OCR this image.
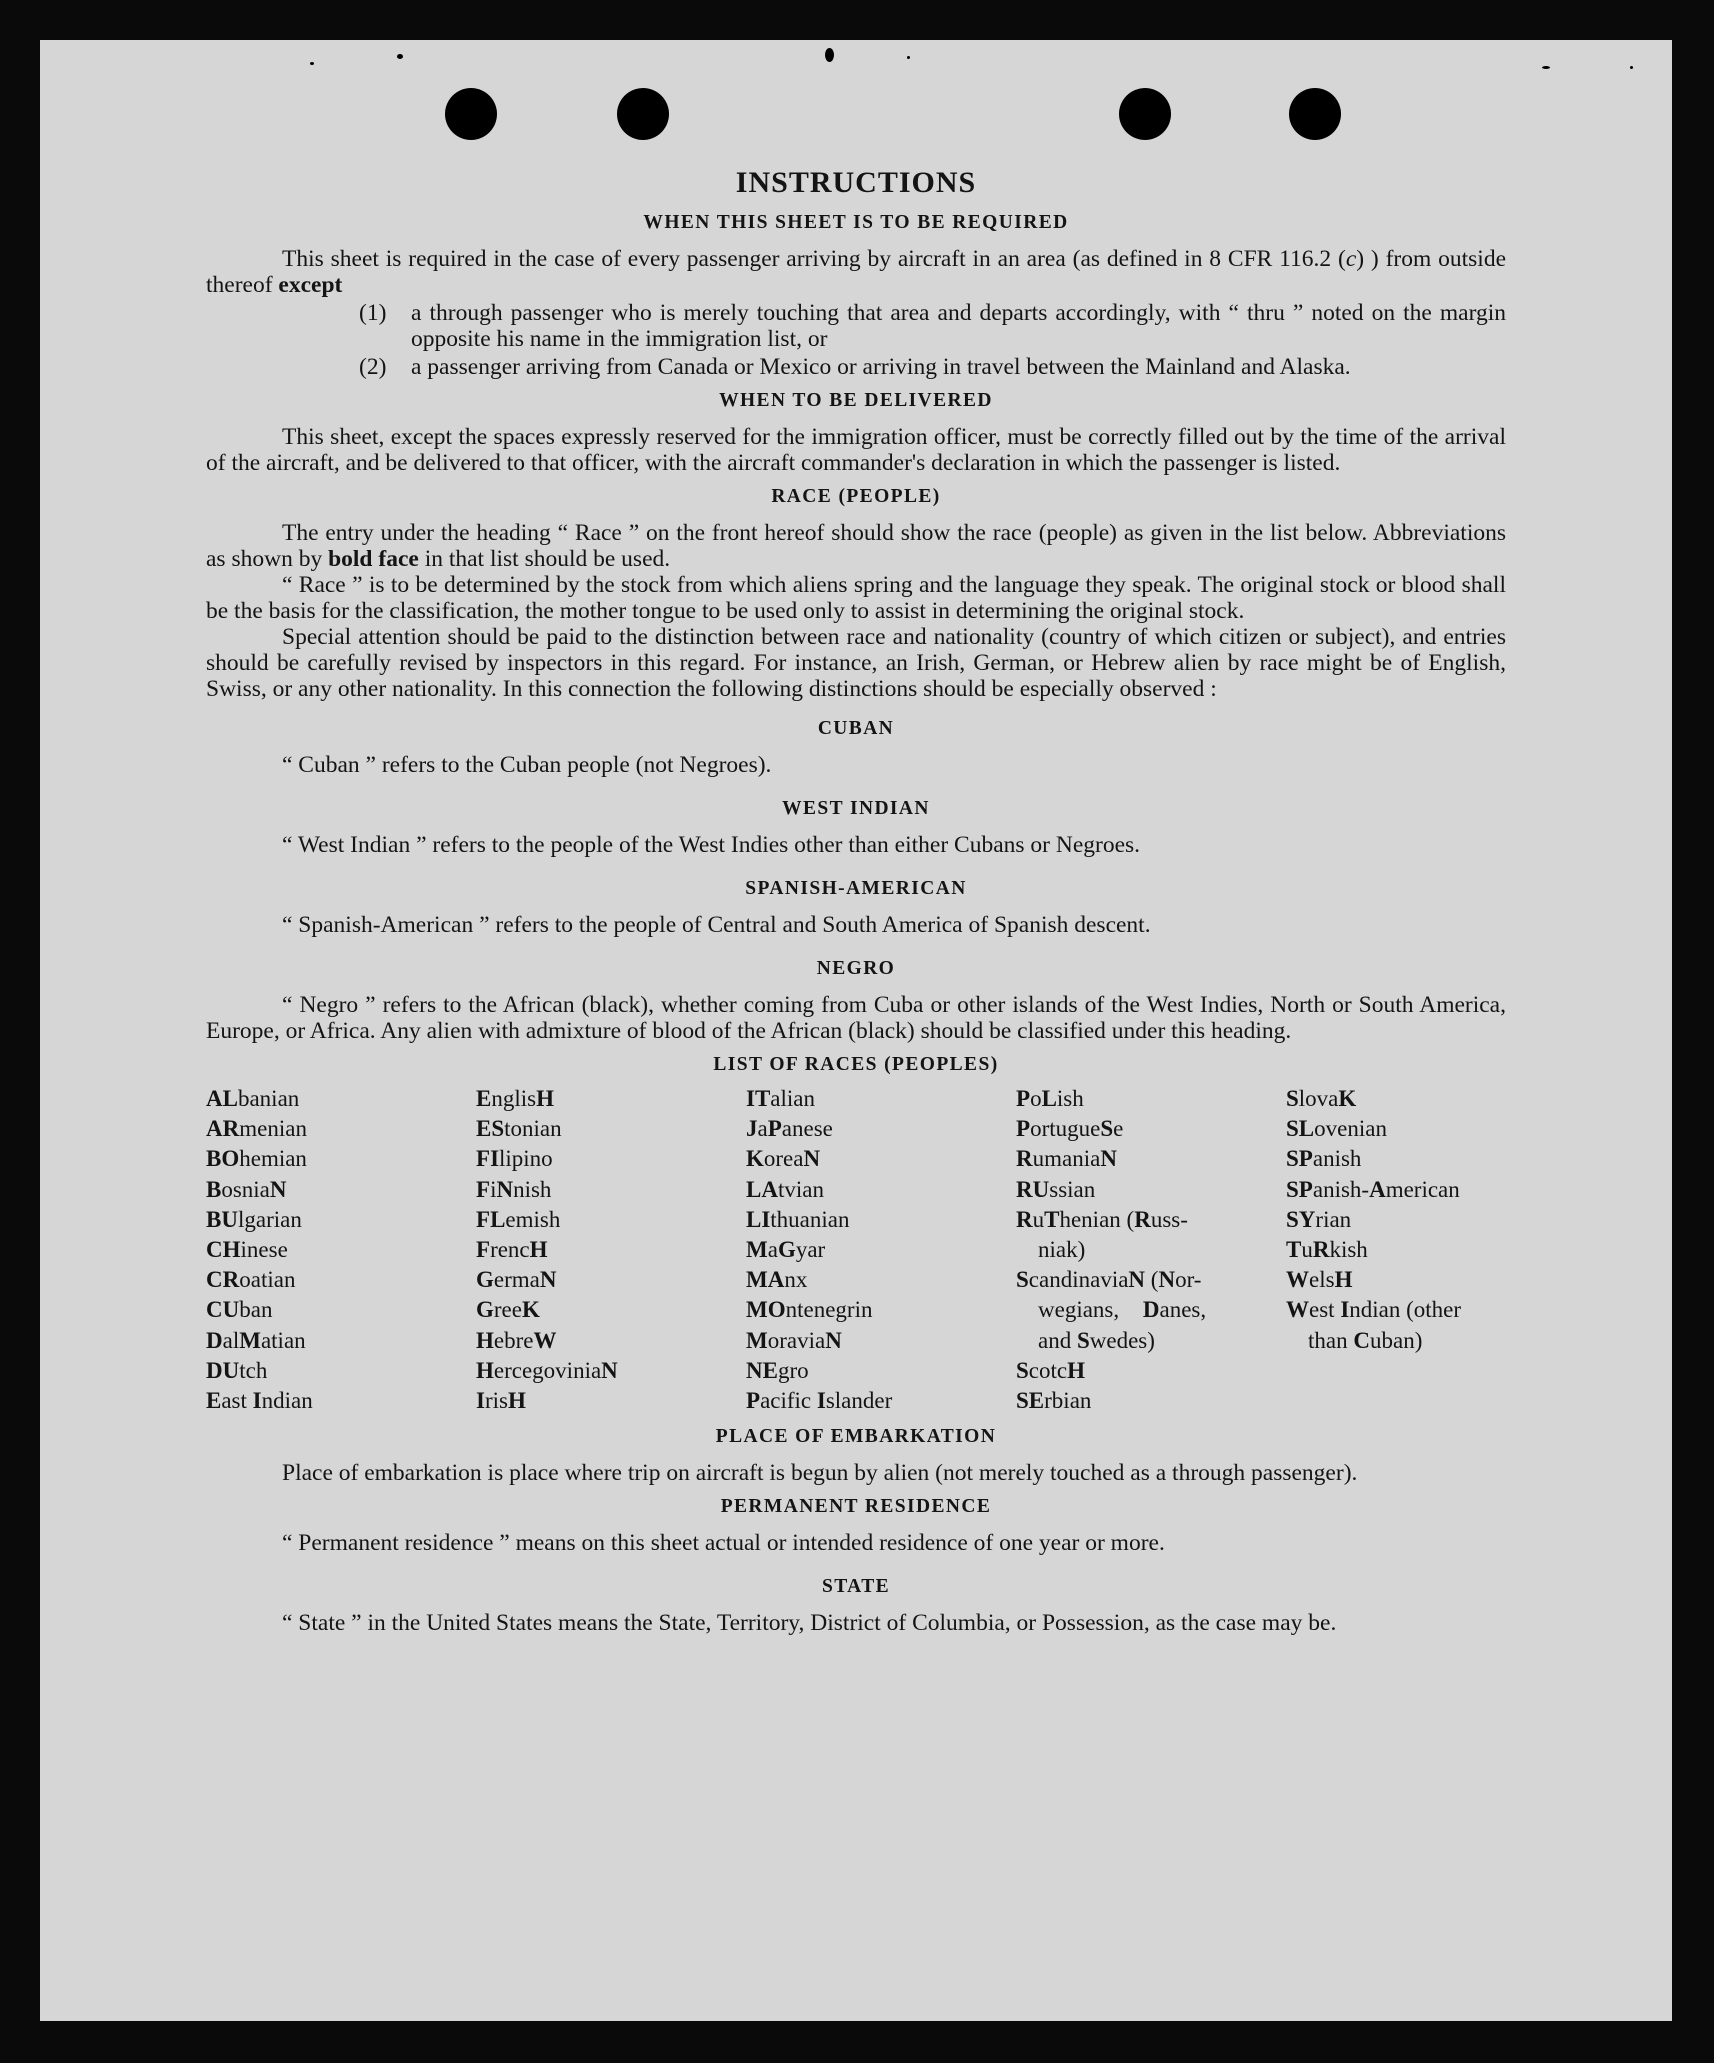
INSTRUCTIONS
WHEN THIS SHEET IS TO BE REQUIRED

This sheet is required in the case of every passenger arriving by aircraft in an area (as defined in 8 CFR 116.2 (c) ) from outside thereof except

(1)	a through passenger who is merely touching that area and departs accordingly, with “ thru ” noted on the margin opposite his name in the immigration list, or
(2)	a passenger arriving from Canada or Mexico or arriving in travel between the Mainland and Alaska.
WHEN TO BE DELIVERED

This sheet, except the spaces expressly reserved for the immigration officer, must be correctly filled out by the time of the arrival of the aircraft, and be delivered to that officer, with the aircraft commander's declaration in which the passenger is listed.

RACE (PEOPLE)

The entry under the heading “ Race ” on the front hereof should show the race (people) as given in the list below. Abbreviations as shown by bold face in that list should be used.

“ Race ” is to be determined by the stock from which aliens spring and the language they speak. The original stock or blood shall be the basis for the classification, the mother tongue to be used only to assist in determining the original stock.

Special attention should be paid to the distinction between race and nationality (country of which citizen or subject), and entries should be carefully revised by inspectors in this regard. For instance, an Irish, German, or Hebrew alien by race might be of English, Swiss, or any other nationality. In this connection the following distinctions should be especially observed :

CUBAN

“ Cuban ” refers to the Cuban people (not Negroes).

WEST INDIAN

“ West Indian ” refers to the people of the West Indies other than either Cubans or Negroes.

SPANISH-AMERICAN

“ Spanish-American ” refers to the people of Central and South America of Spanish descent.

NEGRO

“ Negro ” refers to the African (black), whether coming from Cuba or other islands of the West Indies, North or South America, Europe, or Africa. Any alien with admixture of blood of the African (black) should be classified under this heading.

LIST OF RACES (PEOPLES)
ALbanian
ARmenian
BOhemian
BosniaN
BUlgarian
CHinese
CRoatian
CUban
DalMatian
DUtch
East Indian
EnglisH
EStonian
FIlipino
FiNnish
FLemish
FrencH
GermaN
GreeK
HebreW
HercegoviniaN
IrisH
ITalian
JaPanese
KoreaN
LAtvian
LIthuanian
MaGyar
MAnx
MOntenegrin
MoraviaN
NEgro
Pacific Islander
PoLish
PortugueSe
RumaniaN
RUssian
RuThenian (Russ-
niak)
ScandinaviaN (Nor-
wegians, Danes,
and Swedes)
ScotcH
SErbian
SlovaK
SLovenian
SPanish
SPanish-American
SYrian
TuRkish
WelsH
West Indian (other
than Cuban)
PLACE OF EMBARKATION

Place of embarkation is place where trip on aircraft is begun by alien (not merely touched as a through passenger).

PERMANENT RESIDENCE

“ Permanent residence ” means on this sheet actual or intended residence of one year or more.

STATE

“ State ” in the United States means the State, Territory, District of Columbia, or Possession, as the case may be.
